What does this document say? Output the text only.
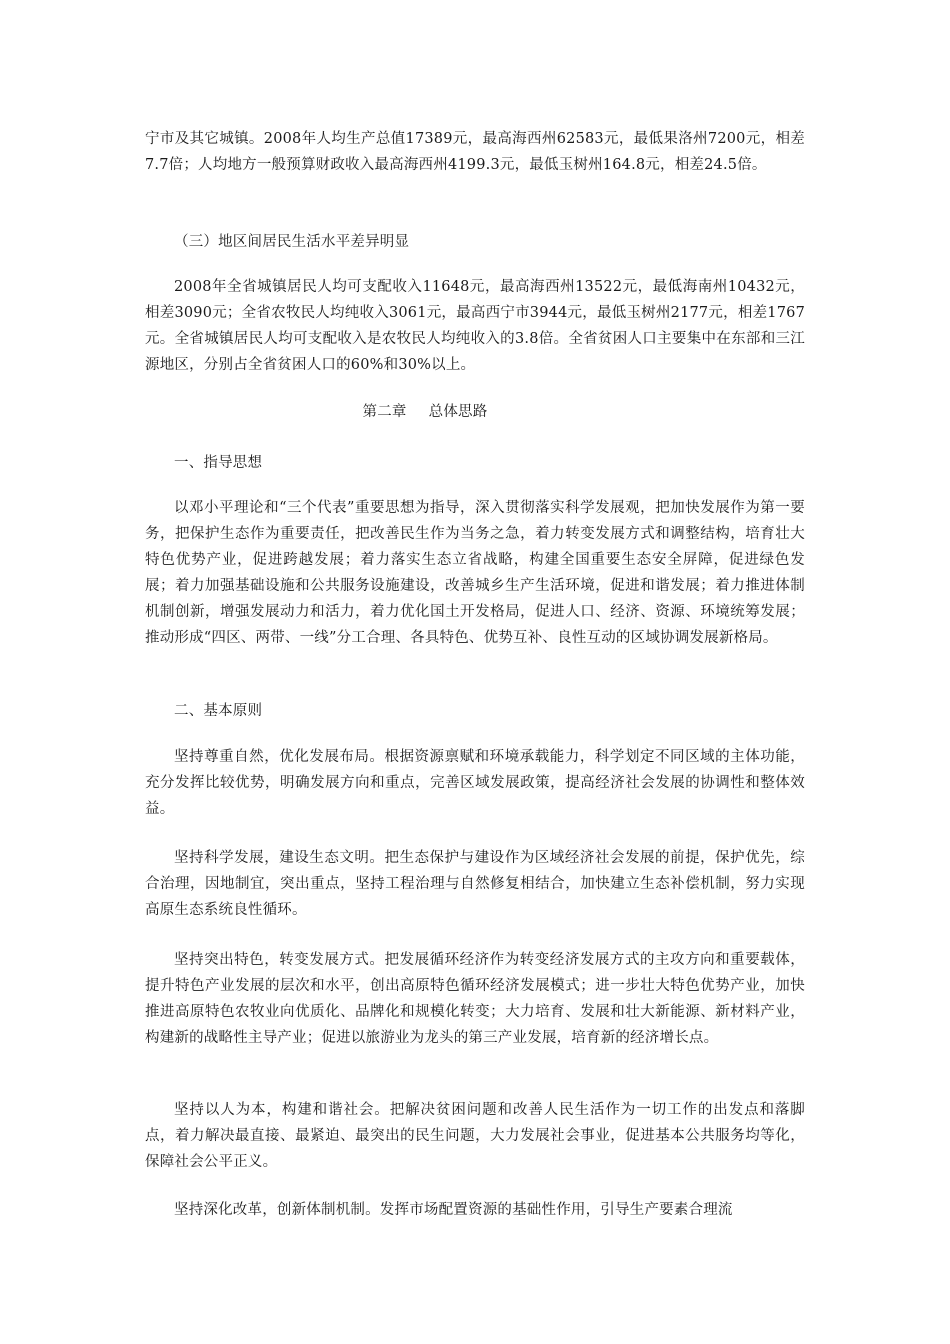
宁市及其它城镇。2008年人均生产总值17389元，最高海西州62583元，最低果洛州7200元，相差7.7倍；人均地方一般预算财政收入最高海西州4199.3元，最低玉树州164.8元，相差24.5倍。

（三）地区间居民生活水平差异明显

2008年全省城镇居民人均可支配收入11648元，最高海西州13522元，最低海南州10432元，相差3090元；全省农牧民人均纯收入3061元，最高西宁市3944元，最低玉树州2177元，相差1767元。全省城镇居民人均可支配收入是农牧民人均纯收入的3.8倍。全省贫困人口主要集中在东部和三江源地区，分别占全省贫困人口的60%和30%以上。

第二章 总体思路

一、指导思想

以邓小平理论和“三个代表”重要思想为指导，深入贯彻落实科学发展观，把加快发展作为第一要务，把保护生态作为重要责任，把改善民生作为当务之急，着力转变发展方式和调整结构，培育壮大特色优势产业，促进跨越发展；着力落实生态立省战略，构建全国重要生态安全屏障，促进绿色发展；着力加强基础设施和公共服务设施建设，改善城乡生产生活环境，促进和谐发展；着力推进体制机制创新，增强发展动力和活力，着力优化国土开发格局，促进人口、经济、资源、环境统筹发展；推动形成“四区、两带、一线”分工合理、各具特色、优势互补、良性互动的区域协调发展新格局。

二、基本原则

坚持尊重自然，优化发展布局。根据资源禀赋和环境承载能力，科学划定不同区域的主体功能，充分发挥比较优势，明确发展方向和重点，完善区域发展政策，提高经济社会发展的协调性和整体效益。

坚持科学发展，建设生态文明。把生态保护与建设作为区域经济社会发展的前提，保护优先，综合治理，因地制宜，突出重点，坚持工程治理与自然修复相结合，加快建立生态补偿机制，努力实现高原生态系统良性循环。

坚持突出特色，转变发展方式。把发展循环经济作为转变经济发展方式的主攻方向和重要载体，提升特色产业发展的层次和水平，创出高原特色循环经济发展模式；进一步壮大特色优势产业，加快推进高原特色农牧业向优质化、品牌化和规模化转变；大力培育、发展和壮大新能源、新材料产业，构建新的战略性主导产业；促进以旅游业为龙头的第三产业发展，培育新的经济增长点。

坚持以人为本，构建和谐社会。把解决贫困问题和改善人民生活作为一切工作的出发点和落脚点，着力解决最直接、最紧迫、最突出的民生问题，大力发展社会事业，促进基本公共服务均等化，保障社会公平正义。

坚持深化改革，创新体制机制。发挥市场配置资源的基础性作用，引导生产要素合理流
